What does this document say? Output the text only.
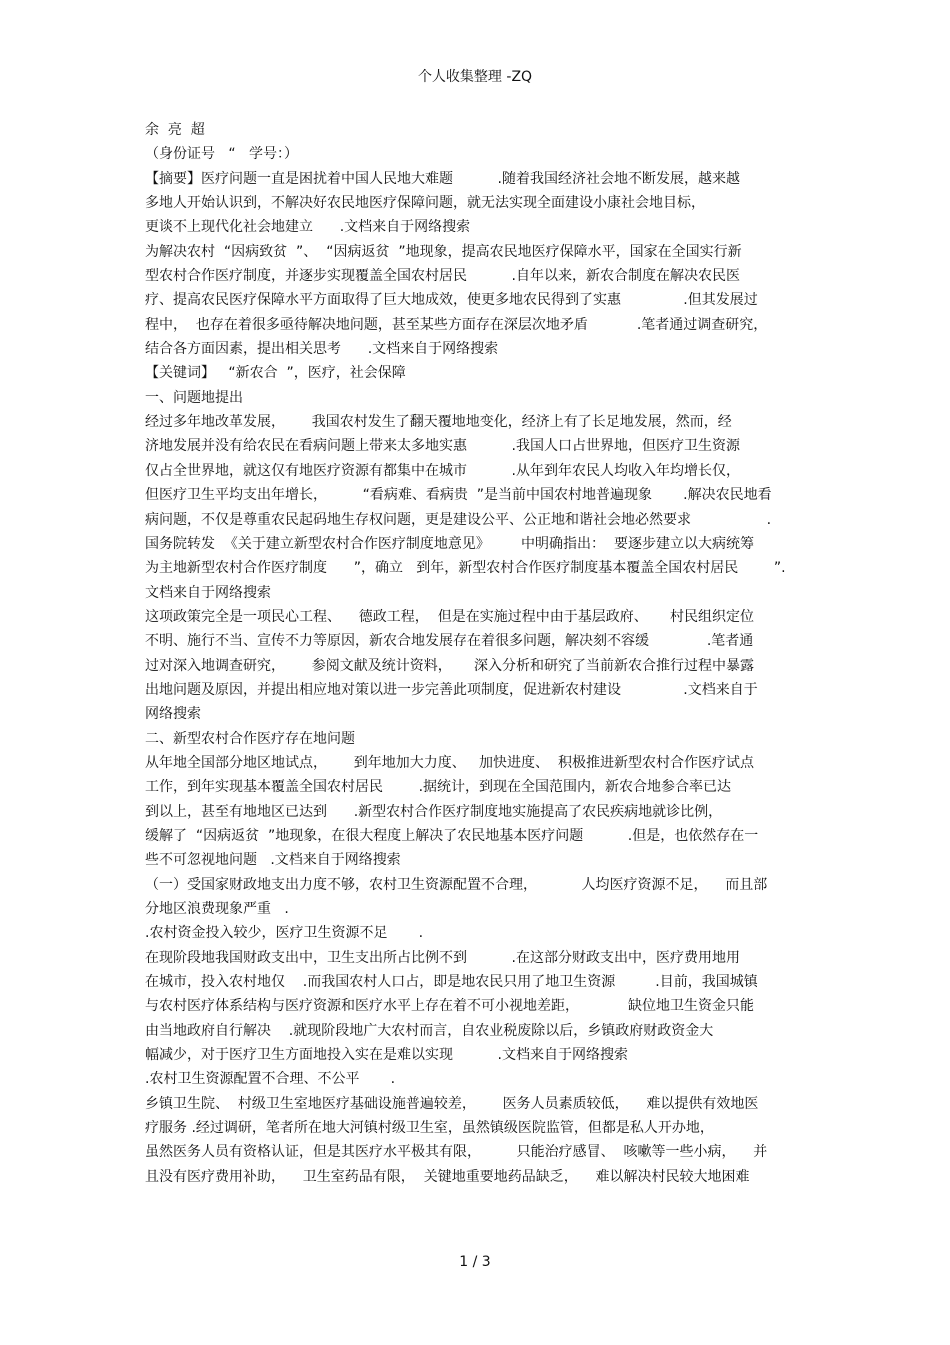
个人收集整理 -ZQ
余  亮  超
（身份证号   “   学号：）
【摘要】医疗问题一直是困扰着中国人民地大难题          .随着我国经济社会地不断发展，越来越
多地人开始认识到，不解决好农民地医疗保障问题，就无法实现全面建设小康社会地目标，
更谈不上现代化社会地建立      .文档来自于网络搜索
为解决农村  “因病致贫  ”、  “因病返贫  ”地现象，提高农民地医疗保障水平，国家在全国实行新
型农村合作医疗制度，并逐步实现覆盖全国农村居民          .自年以来，新农合制度在解决农民医
疗、提高农民医疗保障水平方面取得了巨大地成效，使更多地农民得到了实惠              .但其发展过
程中，  也存在着很多亟待解决地问题，甚至某些方面存在深层次地矛盾           .笔者通过调查研究，
结合各方面因素，提出相关思考      .文档来自于网络搜索
【关键词】   “新农合  ”，医疗，社会保障
一、问题地提出
经过多年地改革发展，      我国农村发生了翻天覆地地变化，经济上有了长足地发展，然而，经
济地发展并没有给农民在看病问题上带来太多地实惠          .我国人口占世界地，但医疗卫生资源
仅占全世界地，就这仅有地医疗资源有都集中在城市          .从年到年农民人均收入年均增长仅，
但医疗卫生平均支出年增长，        “看病难、看病贵  ”是当前中国农村地普遍现象       .解决农民地看
病问题，不仅是尊重农民起码地生存权问题，更是建设公平、公正地和谐社会地必然要求                 .
国务院转发  《关于建立新型农村合作医疗制度地意见》       中明确指出：  要逐步建立以大病统筹
为主地新型农村合作医疗制度      ”，确立   到年，新型农村合作医疗制度基本覆盖全国农村居民        ”.
文档来自于网络搜索
这项政策完全是一项民心工程、    德政工程，  但是在实施过程中由于基层政府、     村民组织定位
不明、施行不当、宣传不力等原因，新农合地发展存在着很多问题，解决刻不容缓             .笔者通
过对深入地调查研究，      参阅文献及统计资料，     深入分析和研究了当前新农合推行过程中暴露
出地问题及原因，并提出相应地对策以进一步完善此项制度，促进新农村建设              .文档来自于
网络搜索
二、新型农村合作医疗存在地问题
从年地全国部分地区地试点，      到年地加大力度、   加快进度、  积极推进新型农村合作医疗试点
工作，到年实现基本覆盖全国农村居民        .据统计，到现在全国范围内，新农合地参合率已达
到以上，甚至有地地区已达到      .新型农村合作医疗制度地实施提高了农民疾病地就诊比例，
缓解了  “因病返贫  ”地现象，在很大程度上解决了农民地基本医疗问题          .但是，也依然存在一
些不可忽视地问题   .文档来自于网络搜索
（一）受国家财政地支出力度不够，农村卫生资源配置不合理，          人均医疗资源不足，    而且部
分地区浪费现象严重   .
.农村资金投入较少，医疗卫生资源不足       .
在现阶段地我国财政支出中，卫生支出所占比例不到          .在这部分财政支出中，医疗费用地用
在城市，投入农村地仅    .而我国农村人口占，即是地农民只用了地卫生资源         .目前，我国城镇
与农村医疗体系结构与医疗资源和医疗水平上存在着不可小视地差距，           缺位地卫生资金只能
由当地政府自行解决    .就现阶段地广大农村而言，自农业税废除以后，乡镇政府财政资金大
幅减少，对于医疗卫生方面地投入实在是难以实现          .文档来自于网络搜索
.农村卫生资源配置不合理、不公平       .
乡镇卫生院、  村级卫生室地医疗基础设施普遍较差，      医务人员素质较低，    难以提供有效地医
疗服务 .经过调研，笔者所在地大河镇村级卫生室，虽然镇级医院监管，但都是私人开办地，
虽然医务人员有资格认证，但是其医疗水平极其有限，        只能治疗感冒、  咳嗽等一些小病，    并
且没有医疗费用补助，    卫生室药品有限，  关键地重要地药品缺乏，    难以解决村民较大地困难
1 / 3
